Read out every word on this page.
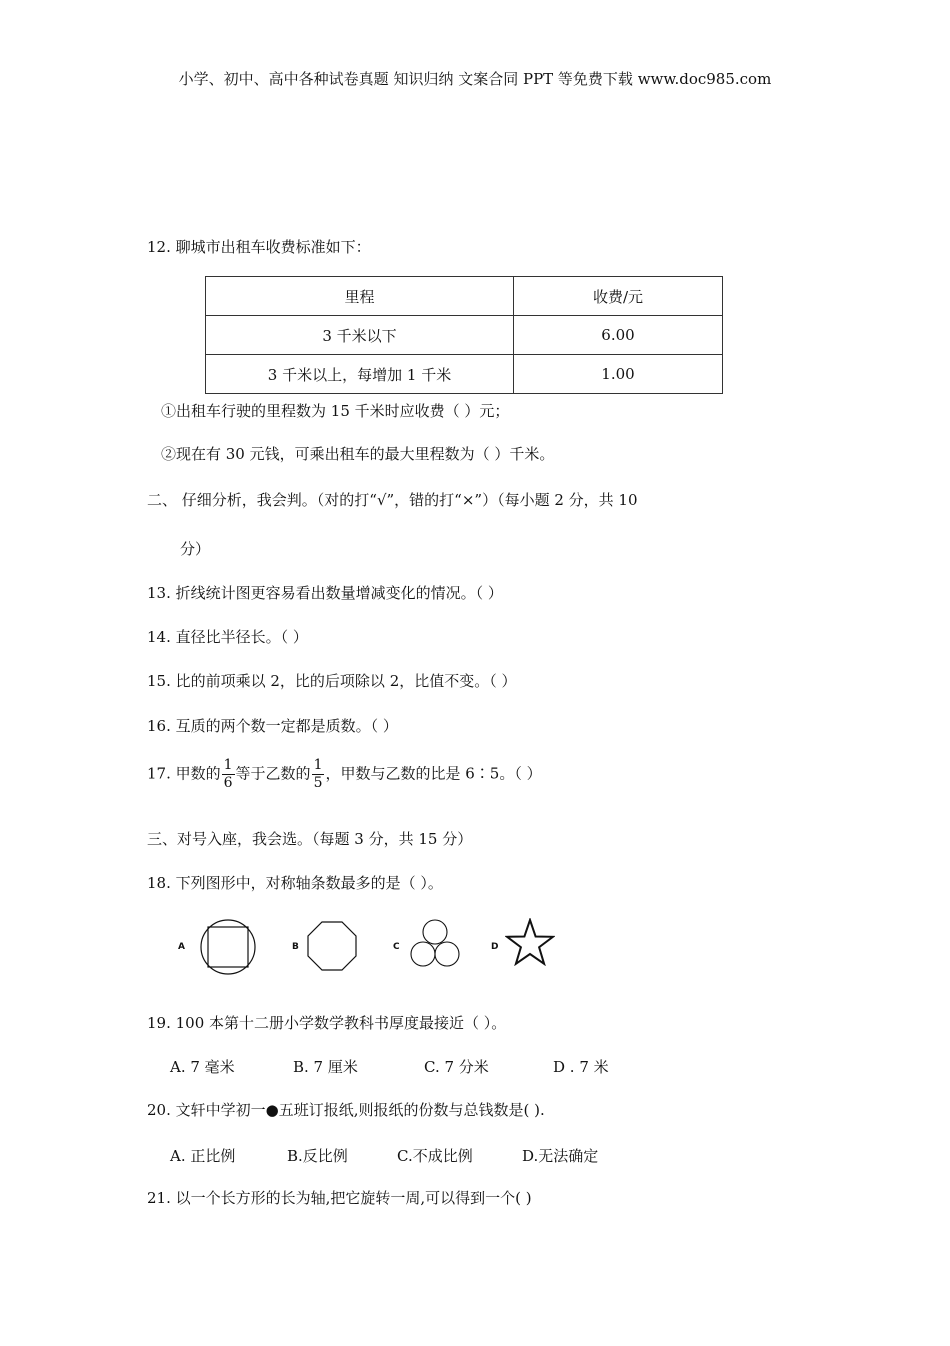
小学、初中、高中各种试卷真题 知识归纳 文案合同 PPT 等免费下载 www.doc985.com
12. 聊城市出租车收费标准如下：
里程	收费/元
3 千米以下	6.00
3 千米以上，每增加 1 千米	1.00
①出租车行驶的里程数为 15 千米时应收费（ ）元；
②现在有 30 元钱，可乘出租车的最大里程数为（ ）千米。
二、 仔细分析，我会判。（对的打“√”，错的打“×”）（每小题 2 分，共 10
分）
13. 折线统计图更容易看出数量增减变化的情况。（ ）
14. 直径比半径长。（ ）
15. 比的前项乘以 2，比的后项除以 2，比值不变。（ ）
16. 互质的两个数一定都是质数。（ ）
17. 甲数的 $\frac{1}{6}$ 等于乙数的 $\frac{1}{5}$ ，甲数与乙数的比是 6∶5。（ ）
三、对号入座，我会选。（每题 3 分，共 15 分）
18. 下列图形中，对称轴条数最多的是（ ）。
A	B	C	D
19. 100 本第十二册小学数学教科书厚度最接近（ ）。
A. 7 毫米	B. 7 厘米	C. 7 分米	D . 7 米
20. 文轩中学初一●五班订报纸,则报纸的份数与总钱数是( ).
A. 正比例	B.反比例	C.不成比例	D.无法确定
21. 以一个长方形的长为轴,把它旋转一周,可以得到一个( )
